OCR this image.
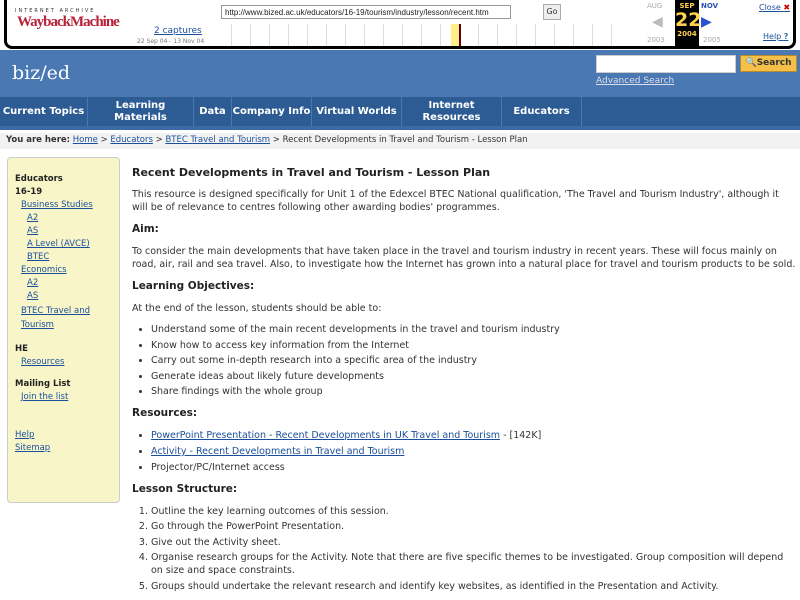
INTERNET ARCHIVE
WaybackMachine
http://www.bized.ac.uk/educators/16-19/tourism/industry/lesson/recent.htm
Go
2 captures
22 Sep 04 - 13 Nov 04
AUG
◀
2003
SEP
22
2004
NOV
▶
2005
Close ✖
Help ?
biz/ed	🔍Search
Advanced Search
Current Topics
Learning Materials
Data Company Info Virtual Worlds
Internet Resources
Educators
You are here: Home > Educators > BTEC Travel and Tourism > Recent Developments in Travel and Tourism - Lesson Plan
Educators
16-19
Business Studies
A2
AS
A Level (AVCE)
BTEC
Economics
A2
AS
BTEC Travel and Tourism
HE
Resources
Mailing List
Join the list
Help
Sitemap
Recent Developments in Travel and Tourism - Lesson Plan

This resource is designed specifically for Unit 1 of the Edexcel BTEC National qualification, 'The Travel and Tourism Industry', although it will be of relevance to centres following other awarding bodies' programmes.

Aim:

To consider the main developments that have taken place in the travel and tourism industry in recent years. These will focus mainly on road, air, rail and sea travel. Also, to investigate how the Internet has grown into a natural place for travel and tourism products to be sold.

Learning Objectives:

At the end of the lesson, students should be able to:

• Understand some of the main recent developments in the travel and tourism industry
• Know how to access key information from the Internet
• Carry out some in-depth research into a specific area of the industry
• Generate ideas about likely future developments
• Share findings with the whole group
Resources:
• PowerPoint Presentation - Recent Developments in UK Travel and Tourism - [142K]
• Activity - Recent Developments in Travel and Tourism
• Projector/PC/Internet access
Lesson Structure:
1. Outline the key learning outcomes of this session.
2. Go through the PowerPoint Presentation.
3. Give out the Activity sheet.
4. Organise research groups for the Activity. Note that there are five specific themes to be investigated. Group composition will depend on size and space constraints.
5. Groups should undertake the relevant research and identify key websites, as identified in the Presentation and Activity.
